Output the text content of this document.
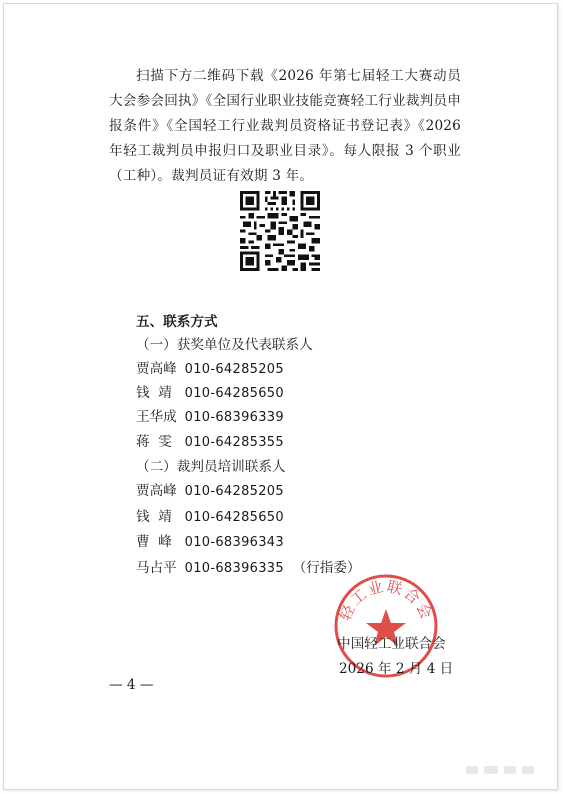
扫描下方二维码下载《2026 年第七届轻工大赛动员大会参会回执》《全国行业职业技能竞赛轻工行业裁判员申报条件》《全国轻工行业裁判员资格证书登记表》《2026 年轻工裁判员申报归口及职业目录》。每人限报 3 个职业（工种）。裁判员证有效期 3 年。

五、联系方式

（一）获奖单位及代表联系人

贾高峰 010-64285205

钱  靖 010-64285650

王华成 010-68396339

蒋  雯 010-64285355

（二）裁判员培训联系人

贾高峰 010-64285205

钱  靖 010-64285650

曹  峰 010-68396343

马占平 010-68396335 （行指委）

轻工业联合会

中国轻工业联合会

2026 年 2 月 4 日

— 4 —
